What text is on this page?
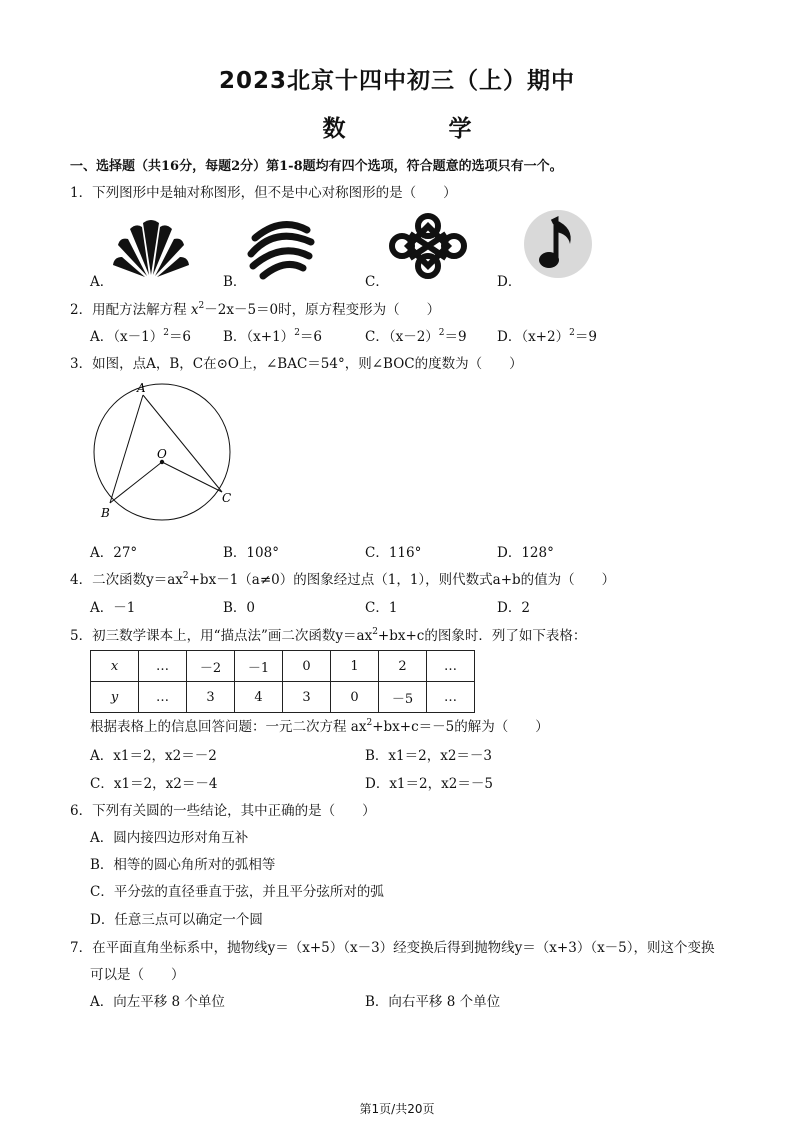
2023北京十四中初三（上）期中
数　学
一、选择题（共16分，每题2分）第1-8题均有四个选项，符合题意的选项只有一个。
1．下列图形中是轴对称图形，但不是中心对称图形的是（　　）
A．	B．	C．	D．
2．用配方法解方程 $x^2-2x-5=0$时，原方程变形为（　　）
A．$(x-1)^2=6$ B．$(x+1)^2=6$	C．$(x-2)^2=9$ D．$(x+2)^2=9$
3．如图，点A，B，C在⊙O上，∠BAC＝54°，则∠BOC的度数为（　　）
A
B
C
O
A．27°	B．108°	C．116°	D．128°
4．二次函数$y=ax^2+bx-1(a\ne 0)$的图象经过点（1，1），则代数式a+b的值为（　　）
A．－1	B．0	C．1	D．2
5．初三数学课本上，用“描点法”画二次函数$y=ax^2+bx+c$的图象时．列了如下表格：
x	…	－2	－1	0	1	2	…
y	…	3	4	3	0	－5	…
根据表格上的信息回答问题：一元二次方程 $ax^2+bx+c=-5$的解为（　　）
A．x1＝2，x2＝－2	B．x1＝2，x2＝－3
C．x1＝2，x2＝－4	D．x1＝2，x2＝－5
6．下列有关圆的一些结论，其中正确的是（　　）
A．圆内接四边形对角互补
B．相等的圆心角所对的弧相等
C．平分弦的直径垂直于弦，并且平分弦所对的弧
D．任意三点可以确定一个圆
7．在平面直角坐标系中，抛物线y＝（x+5）（x－3）经变换后得到抛物线y＝（x+3）（x－5），则这个变换
可以是（　　）
A．向左平移 8 个单位	B．向右平移 8 个单位
第1页/共20页
